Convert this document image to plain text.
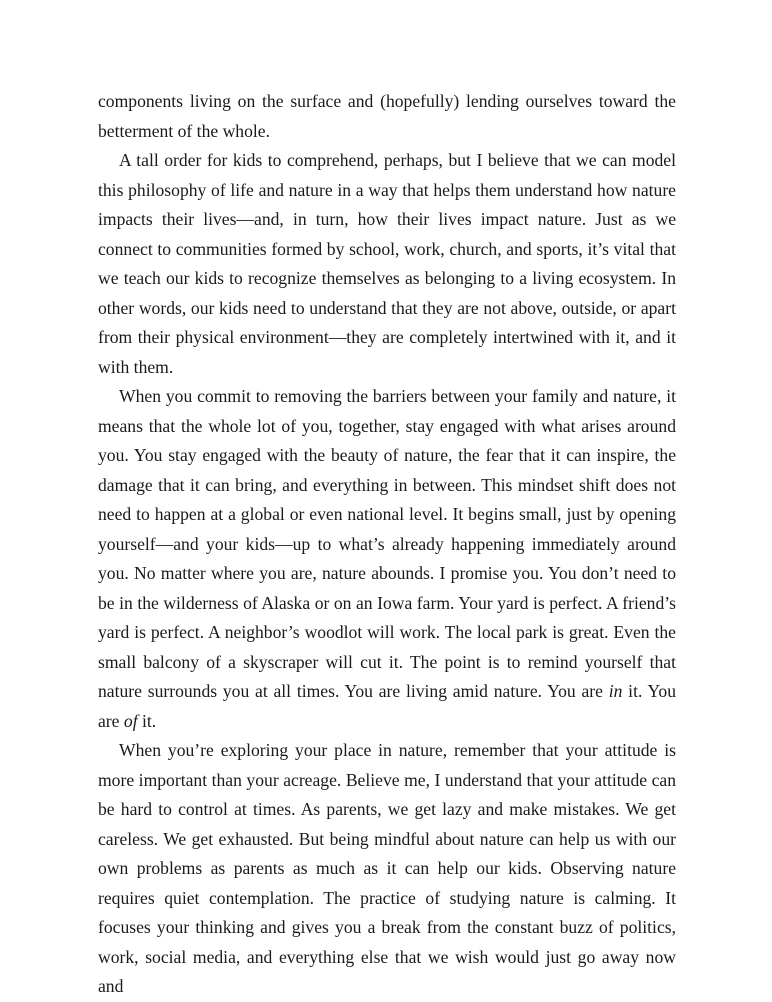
components living on the surface and (hopefully) lending ourselves toward the betterment of the whole.

A tall order for kids to comprehend, perhaps, but I believe that we can model this philosophy of life and nature in a way that helps them understand how nature impacts their lives—and, in turn, how their lives impact nature. Just as we connect to communities formed by school, work, church, and sports, it’s vital that we teach our kids to recognize themselves as belonging to a living ecosystem. In other words, our kids need to understand that they are not above, outside, or apart from their physical environment—they are completely intertwined with it, and it with them.

When you commit to removing the barriers between your family and nature, it means that the whole lot of you, together, stay engaged with what arises around you. You stay engaged with the beauty of nature, the fear that it can inspire, the damage that it can bring, and everything in between. This mindset shift does not need to happen at a global or even national level. It begins small, just by opening yourself—and your kids—up to what’s already happening immediately around you. No matter where you are, nature abounds. I promise you. You don’t need to be in the wilderness of Alaska or on an Iowa farm. Your yard is perfect. A friend’s yard is perfect. A neighbor’s woodlot will work. The local park is great. Even the small balcony of a skyscraper will cut it. The point is to remind yourself that nature surrounds you at all times. You are living amid nature. You are in it. You are of it.

When you’re exploring your place in nature, remember that your attitude is more important than your acreage. Believe me, I understand that your attitude can be hard to control at times. As parents, we get lazy and make mistakes. We get careless. We get exhausted. But being mindful about nature can help us with our own problems as parents as much as it can help our kids. Observing nature requires quiet contemplation. The practice of studying nature is calming. It focuses your thinking and gives you a break from the constant buzz of politics, work, social media, and everything else that we wish would just go away now and
